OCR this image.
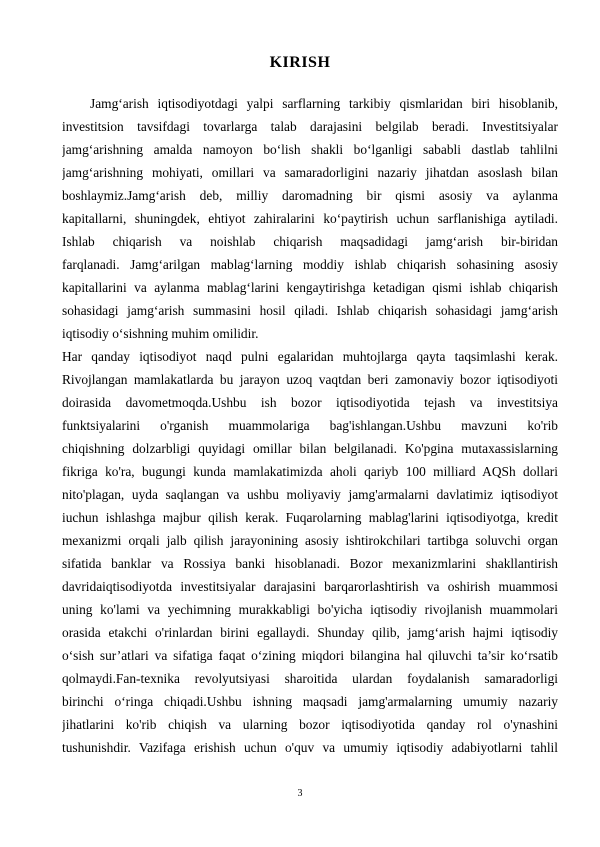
KIRISH
Jamg‘arish iqtisodiyotdagi yalpi sarflarning tarkibiy qismlaridan biri hisoblanib,
investitsion tavsifdagi tovarlarga talab darajasini belgilab beradi. Investitsiyalar
jamg‘arishning amalda namoyon bo‘lish shakli bo‘lganligi sababli dastlab tahlilni
jamg‘arishning mohiyati, omillari va samaradorligini nazariy jihatdan asoslash bilan
boshlaymiz.Jamg‘arish deb, milliy daromadning bir qismi asosiy va aylanma
kapitallarni, shuningdek, ehtiyot zahiralarini ko‘paytirish uchun sarflanishiga aytiladi.
Ishlab chiqarish va noishlab chiqarish maqsadidagi jamg‘arish bir-biridan
farqlanadi. Jamg‘arilgan mablag‘larning moddiy ishlab chiqarish sohasining asosiy
kapitallarini va aylanma mablag‘larini kengaytirishga ketadigan qismi ishlab chiqarish
sohasidagi jamg‘arish summasini hosil qiladi. Ishlab chiqarish sohasidagi jamg‘arish
iqtisodiy o‘sishning muhim omilidir.
Har qanday iqtisodiyot naqd pulni egalaridan muhtojlarga qayta taqsimlashi kerak.
Rivojlangan mamlakatlarda bu jarayon uzoq vaqtdan beri zamonaviy bozor iqtisodiyoti
doirasida davometmoqda.Ushbu ish bozor iqtisodiyotida tejash va investitsiya
funktsiyalarini o'rganish muammolariga bag'ishlangan.Ushbu mavzuni ko'rib
chiqishning dolzarbligi quyidagi omillar bilan belgilanadi. Ko'pgina mutaxassislarning
fikriga ko'ra, bugungi kunda mamlakatimizda aholi qariyb 100 milliard AQSh dollari
nito'plagan, uyda saqlangan va ushbu moliyaviy jamg'armalarni davlatimiz iqtisodiyot
iuchun ishlashga majbur qilish kerak. Fuqarolarning mablag'larini iqtisodiyotga, kredit
mexanizmi orqali jalb qilish jarayonining asosiy ishtirokchilari tartibga soluvchi organ
sifatida banklar va Rossiya banki hisoblanadi. Bozor mexanizmlarini shakllantirish
davridaiqtisodiyotda investitsiyalar darajasini barqarorlashtirish va oshirish muammosi
uning ko'lami va yechimning murakkabligi bo'yicha iqtisodiy rivojlanish muammolari
orasida etakchi o'rinlardan birini egallaydi. Shunday qilib, jamg‘arish hajmi iqtisodiy
o‘sish sur’atlari va sifatiga faqat o‘zining miqdori bilangina hal qiluvchi ta’sir ko‘rsatib
qolmaydi.Fan-texnika revolyutsiyasi sharoitida ulardan foydalanish samaradorligi
birinchi o‘ringa chiqadi.Ushbu ishning maqsadi jamg'armalarning umumiy nazariy
jihatlarini ko'rib chiqish va ularning bozor iqtisodiyotida qanday rol o'ynashini
tushunishdir. Vazifaga erishish uchun o'quv va umumiy iqtisodiy adabiyotlarni tahlil
3
